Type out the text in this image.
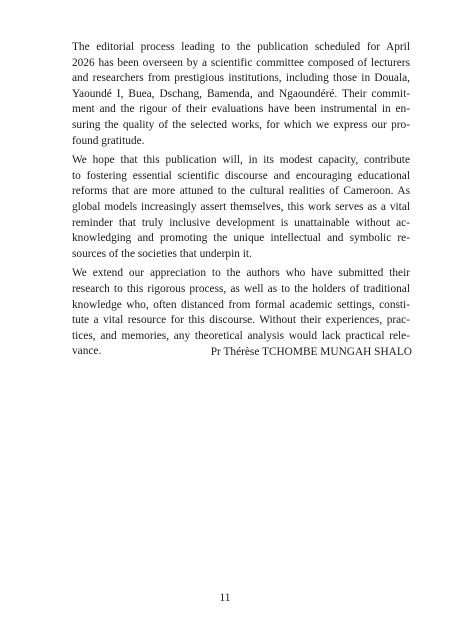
The editorial process leading to the publication scheduled for April
2026 has been overseen by a scientific committee composed of lecturers
and researchers from prestigious institutions, including those in Douala,
Yaoundé I, Buea, Dschang, Bamenda, and Ngaoundéré. Their commit-
ment and the rigour of their evaluations have been instrumental in en-
suring the quality of the selected works, for which we express our pro-
found gratitude.

We hope that this publication will, in its modest capacity, contribute
to fostering essential scientific discourse and encouraging educational
reforms that are more attuned to the cultural realities of Cameroon. As
global models increasingly assert themselves, this work serves as a vital
reminder that truly inclusive development is unattainable without ac-
knowledging and promoting the unique intellectual and symbolic re-
sources of the societies that underpin it.

We extend our appreciation to the authors who have submitted their
research to this rigorous process, as well as to the holders of traditional
knowledge who, often distanced from formal academic settings, consti-
tute a vital resource for this discourse. Without their experiences, prac-
tices, and memories, any theoretical analysis would lack practical rele-
vance.	Pr Thérèse TCHOMBE MUNGAH SHALO
11
